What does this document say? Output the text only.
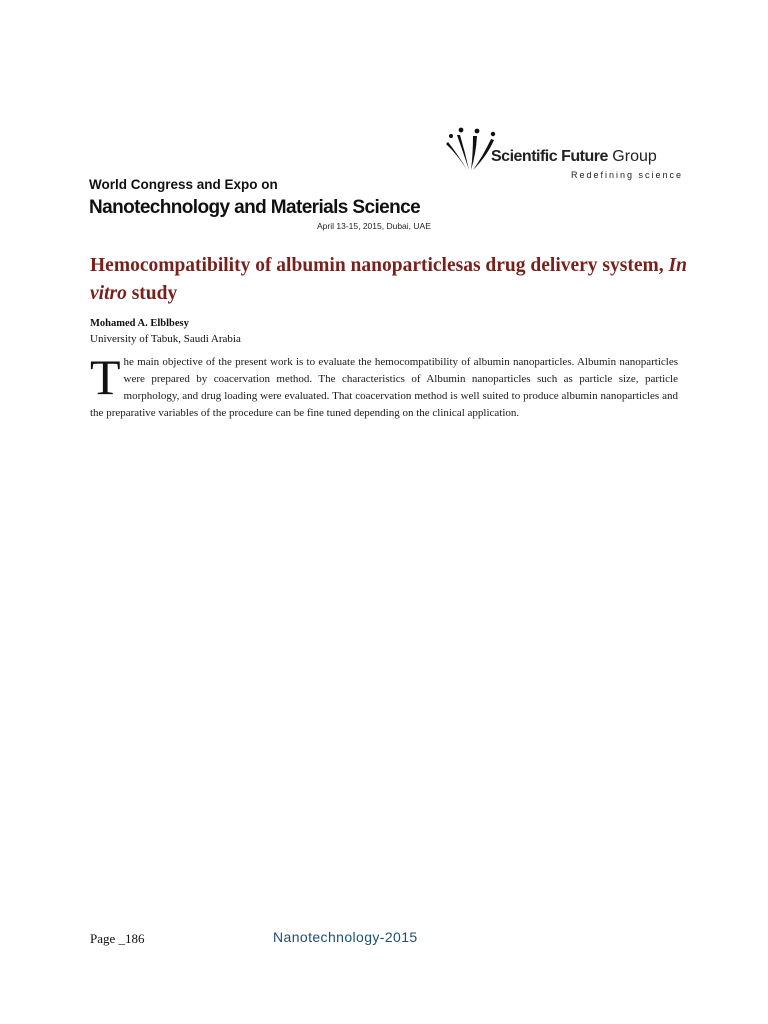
Scientific Future Group
Redefining science
World Congress and Expo on
Nanotechnology and Materials Science
April 13-15, 2015, Dubai, UAE
Hemocompatibility of albumin nanoparticlesas drug delivery system, In vitro study
Mohamed A. Elblbesy
University of Tabuk, Saudi Arabia
The main objective of the present work is to evaluate the hemocompatibility of albumin nanoparticles. Albumin nanoparticles were prepared by coacervation method. The characteristics of Albumin nanoparticles such as particle size, particle morphology, and drug loading were evaluated. That coacervation method is well suited to produce albumin nanoparticles and the preparative variables of the procedure can be fine tuned depending on the clinical application.
Page _186	Nanotechnology-2015
